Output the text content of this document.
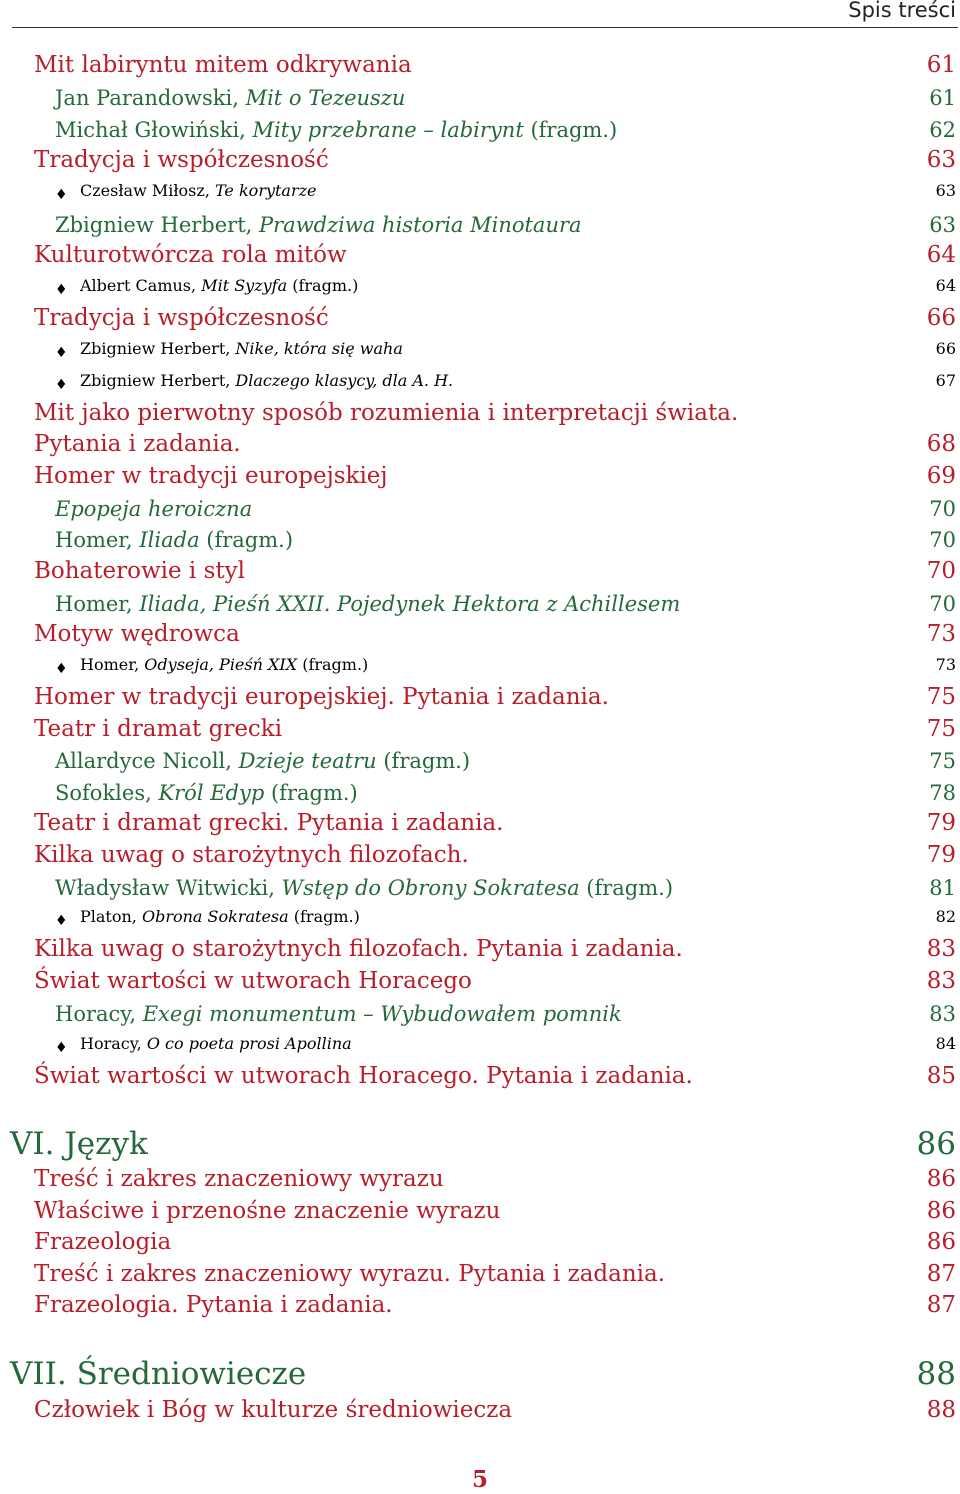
Spis treści
Mit labiryntu mitem odkrywania	61
Jan Parandowski, Mit o Tezeuszu	61
Michał Głowiński, Mity przebrane – labirynt (fragm.)	62
Tradycja i współczesność	63
♦ Czesław Miłosz, Te korytarze	63
Zbigniew Herbert, Prawdziwa historia Minotaura	63
Kulturotwórcza rola mitów	64
♦ Albert Camus, Mit Syzyfa (fragm.)	64
Tradycja i współczesność	66
♦ Zbigniew Herbert, Nike, która się waha	66
♦ Zbigniew Herbert, Dlaczego klasycy, dla A. H.	67
Mit jako pierwotny sposób rozumienia i interpretacji świata.
Pytania i zadania.	68
Homer w tradycji europejskiej	69
Epopeja heroiczna	70
Homer, Iliada (fragm.)	70
Bohaterowie i styl	70
Homer, Iliada, Pieśń XXII. Pojedynek Hektora z Achillesem	70
Motyw wędrowca	73
♦ Homer, Odyseja, Pieśń XIX (fragm.)	73
Homer w tradycji europejskiej. Pytania i zadania.	75
Teatr i dramat grecki	75
Allardyce Nicoll, Dzieje teatru (fragm.)	75
Sofokles, Król Edyp (fragm.)	78
Teatr i dramat grecki. Pytania i zadania.	79
Kilka uwag o starożytnych filozofach.	79
Władysław Witwicki, Wstęp do Obrony Sokratesa (fragm.)	81
♦ Platon, Obrona Sokratesa (fragm.)	82
Kilka uwag o starożytnych filozofach. Pytania i zadania.	83
Świat wartości w utworach Horacego	83
Horacy, Exegi monumentum – Wybudowałem pomnik	83
♦ Horacy, O co poeta prosi Apollina	84
Świat wartości w utworach Horacego. Pytania i zadania.	85
VI. Język	86
Treść i zakres znaczeniowy wyrazu	86
Właściwe i przenośne znaczenie wyrazu	86
Frazeologia	86
Treść i zakres znaczeniowy wyrazu. Pytania i zadania.	87
Frazeologia. Pytania i zadania.	87
VII. Średniowiecze	88
Człowiek i Bóg w kulturze średniowiecza	88
5
